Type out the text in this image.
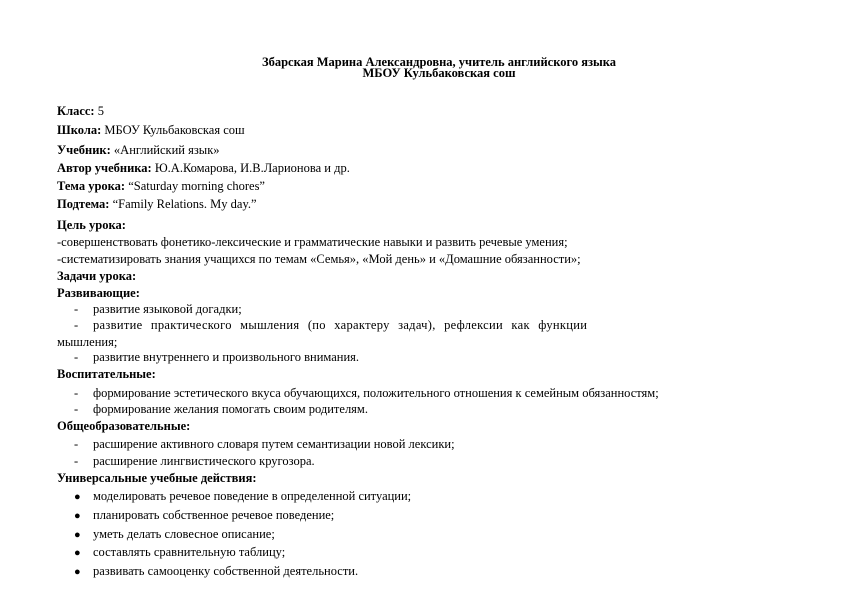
Збарская Марина Александровна, учитель английского языка
МБОУ Кульбаковская сош
Класс: 5
Школа: МБОУ Кульбаковская сош
Учебник: «Английский язык»
Автор учебника: Ю.А.Комарова, И.В.Ларионова и др.
Тема урока: “Saturday morning chores”
Подтема: “Family Relations. My day.”
Цель урока:
-совершенствовать фонетико-лексические и грамматические навыки и развить речевые умения;
-систематизировать знания учащихся по темам «Семья», «Мой день» и «Домашние обязанности»;
Задачи урока:
Развивающие:
- развитие языковой догадки;
- развитие практического мышления (по характеру задач), рефлексии как функции
мышления;
- развитие внутреннего и произвольного внимания.
Воспитательные:
- формирование эстетического вкуса обучающихся, положительного отношения к семейным обязанностям;
- формирование желания помогать своим родителям.
Общеобразовательные:
- расширение активного словаря путем семантизации новой лексики;
- расширение лингвистического кругозора.
Универсальные учебные действия:
● моделировать речевое поведение в определенной ситуации;
● планировать собственное речевое поведение;
● уметь делать словесное описание;
● составлять сравнительную таблицу;
● развивать самооценку собственной деятельности.
